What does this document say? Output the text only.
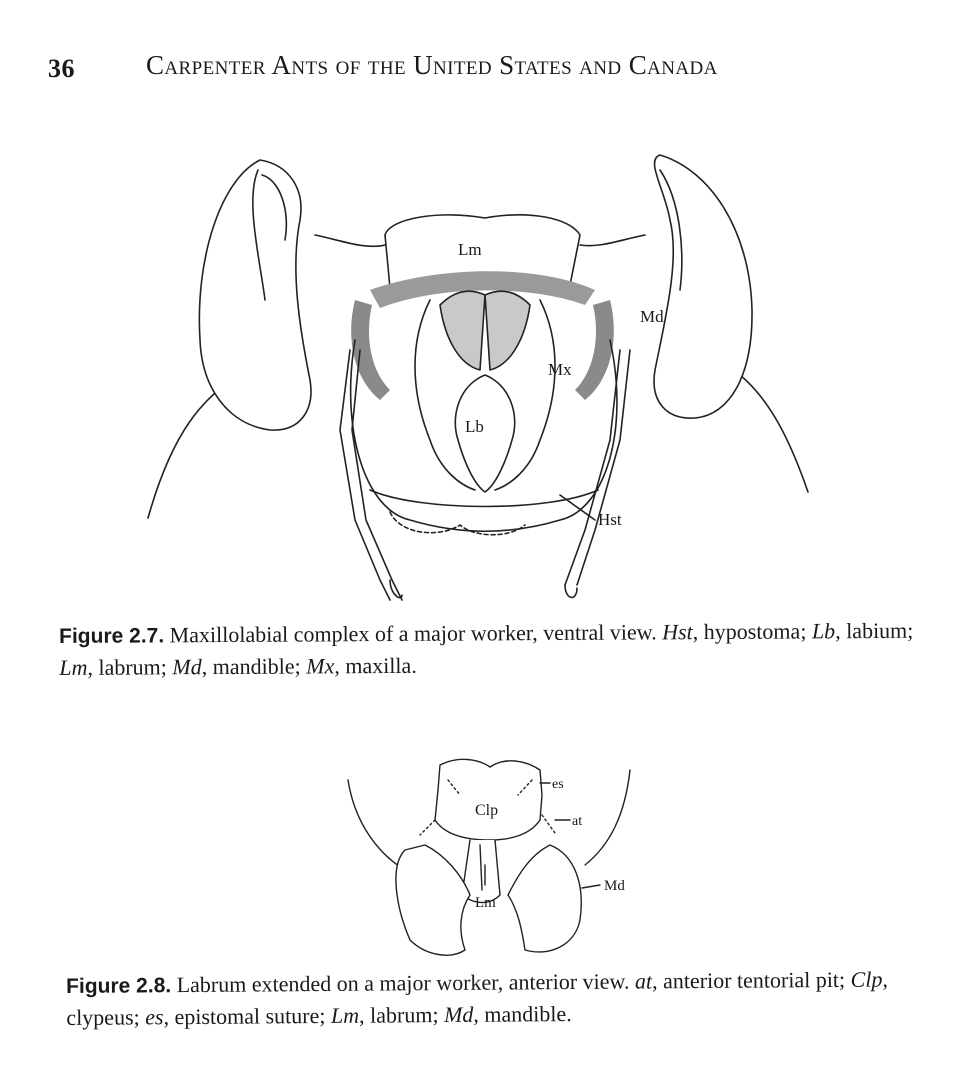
36	Carpenter Ants of the United States and Canada
Lm
Md
Mx
Lb
Hst
Figure 2.7. Maxillolabial complex of a major worker, ventral view. Hst, hypostoma; Lb, labium; Lm, labrum; Md, mandible; Mx, maxilla.
es
Clp
at
Md
Lm
Figure 2.8. Labrum extended on a major worker, anterior view. at, anterior tentorial pit; Clp, clypeus; es, epistomal suture; Lm, labrum; Md, mandible.
